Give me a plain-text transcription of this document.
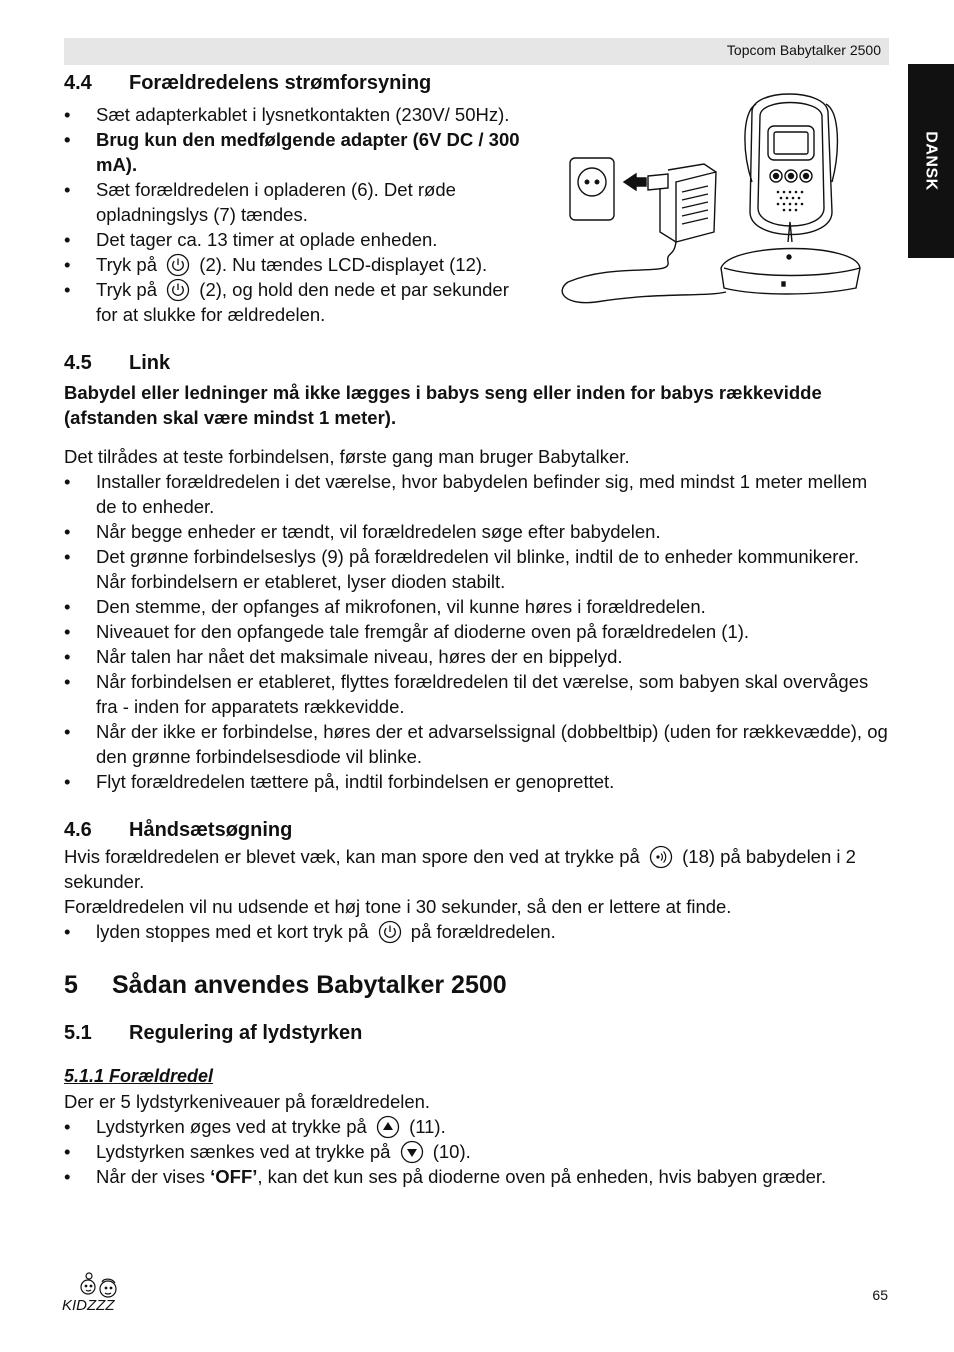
Topcom Babytalker 2500
DANSK
4.4 Forældredelens strømforsyning
• Sæt adapterkablet i lysnetkontakten (230V/ 50Hz).
• Brug kun den medfølgende adapter (6V DC / 300 mA).
• Sæt forældredelen i opladeren (6). Det røde opladningslys (7) tændes.
• Det tager ca. 13 timer at oplade enheden.
• Tryk på (2). Nu tændes LCD-displayet (12).
• Tryk på (2), og hold den nede et par sekunder for at slukke for ældredelen.
4.5 Link

Babydel eller ledninger må ikke lægges i babys seng eller inden for babys rækkevidde (afstanden skal være mindst 1 meter).

Det tilrådes at teste forbindelsen, første gang man bruger Babytalker.

• Installer forældredelen i det værelse, hvor babydelen befinder sig, med mindst 1 meter mellem de to enheder.
• Når begge enheder er tændt, vil forældredelen søge efter babydelen.
• Det grønne forbindelseslys (9) på forældredelen vil blinke, indtil de to enheder kommunikerer. Når forbindelsern er etableret, lyser dioden stabilt.
• Den stemme, der opfanges af mikrofonen, vil kunne høres i forældredelen.
• Niveauet for den opfangede tale fremgår af dioderne oven på forældredelen (1).
• Når talen har nået det maksimale niveau, høres der en bippelyd.
• Når forbindelsen er etableret, flyttes forældredelen til det værelse, som babyen skal overvåges fra - inden for apparatets rækkevidde.
• Når der ikke er forbindelse, høres der et advarselssignal (dobbeltbip) (uden for rækkevædde), og den grønne forbindelsesdiode vil blinke.
• Flyt forældredelen tættere på, indtil forbindelsen er genoprettet.
4.6 Håndsætsøgning

Hvis forældredelen er blevet væk, kan man spore den ved at trykke på (18) på babydelen i 2 sekunder.

Forældredelen vil nu udsende et høj tone i 30 sekunder, så den er lettere at finde.

• lyden stoppes med et kort tryk på på forældredelen.
5 Sådan anvendes Babytalker 2500
5.1 Regulering af lydstyrken
5.1.1 Forældredel

Der er 5 lydstyrkeniveauer på forældredelen.

• Lydstyrken øges ved at trykke på (11).
• Lydstyrken sænkes ved at trykke på (10).
• Når der vises ‘OFF’, kan det kun ses på dioderne oven på enheden, hvis babyen græder.
KIDZZZ
65
